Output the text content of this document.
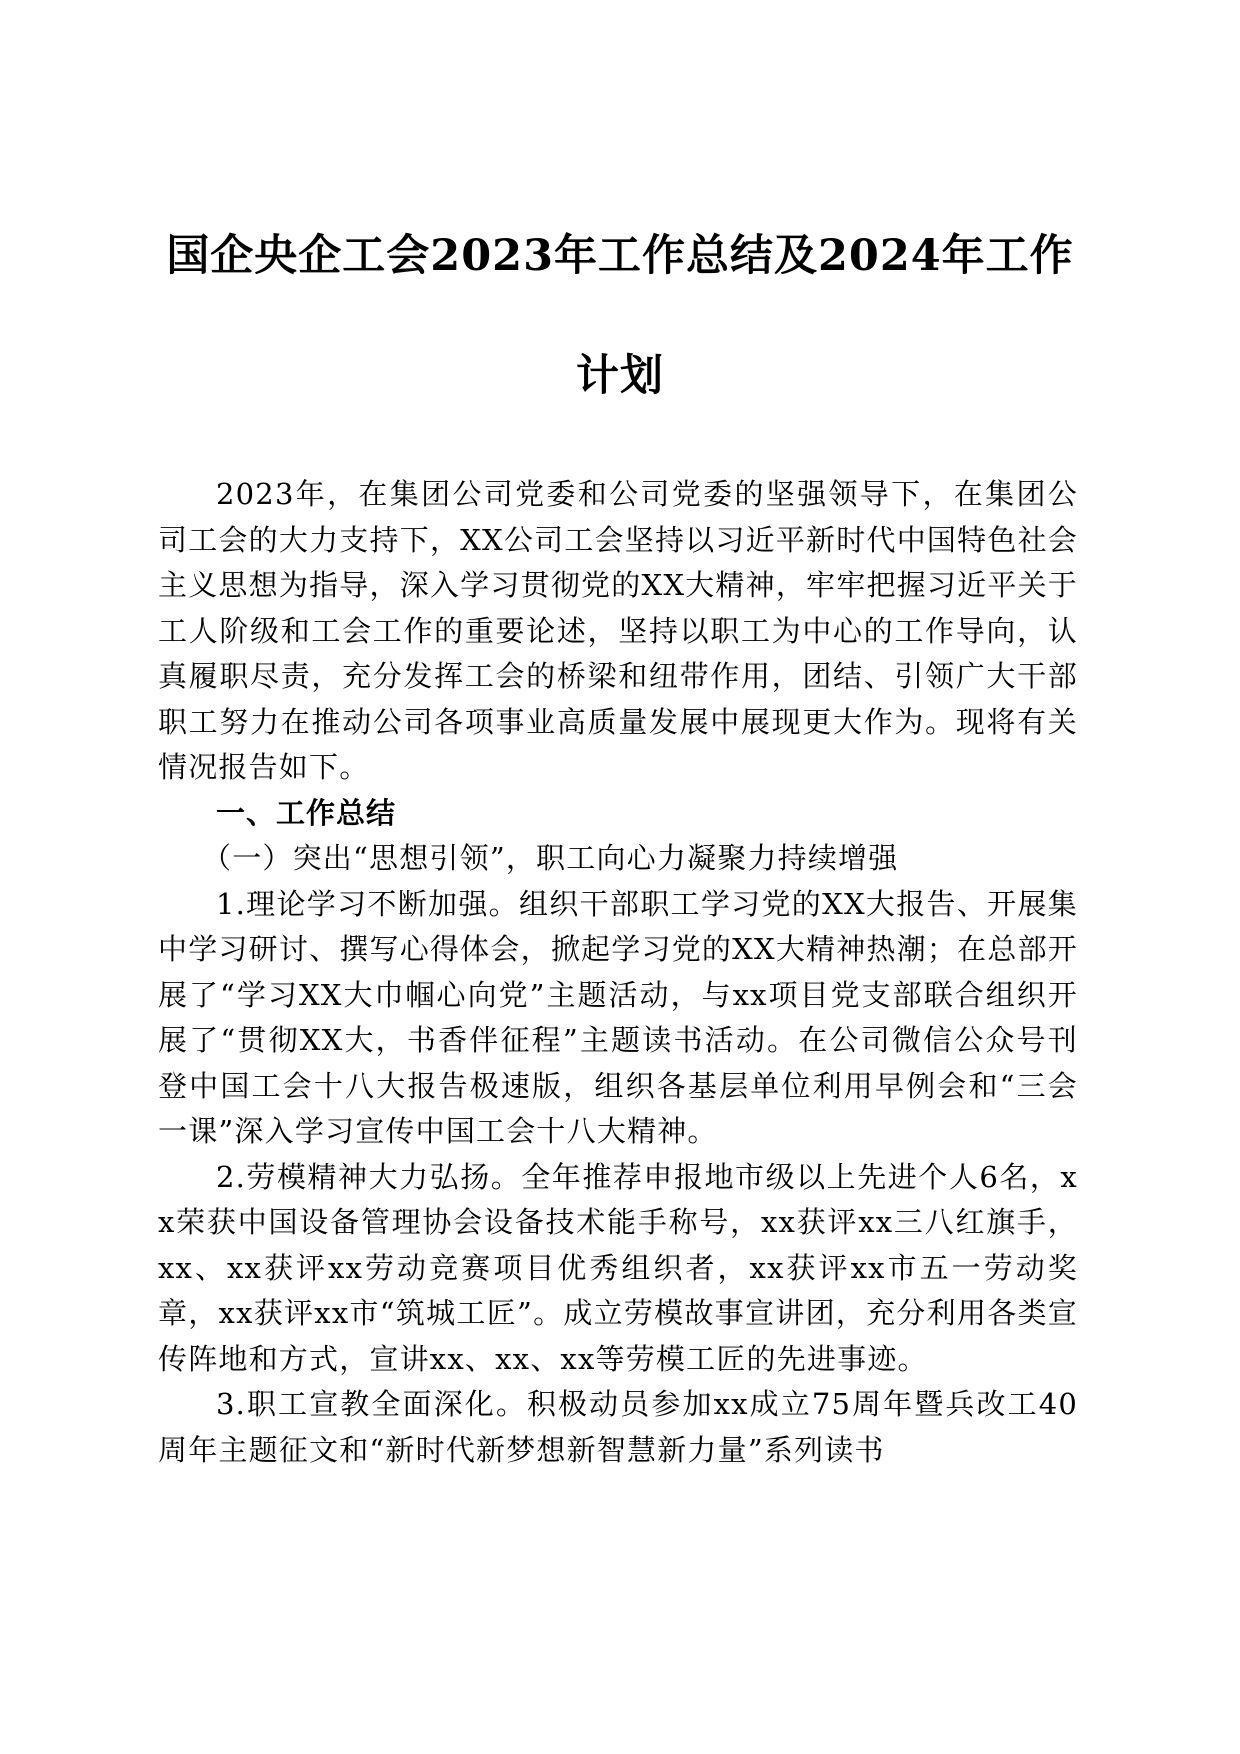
国企央企工会2023年工作总结及2024年工作
计划

2023年，在集团公司党委和公司党委的坚强领导下，在集团公司工会的大力支持下，XX公司工会坚持以习近平新时代中国特色社会主义思想为指导，深入学习贯彻党的XX大精神，牢牢把握习近平关于工人阶级和工会工作的重要论述，坚持以职工为中心的工作导向，认真履职尽责，充分发挥工会的桥梁和纽带作用，团结、引领广大干部职工努力在推动公司各项事业高质量发展中展现更大作为。现将有关情况报告如下。

一、工作总结

（一）突出“思想引领”，职工向心力凝聚力持续增强

1.理论学习不断加强。组织干部职工学习党的XX大报告、开展集中学习研讨、撰写心得体会，掀起学习党的XX大精神热潮；在总部开展了“学习XX大巾帼心向党”主题活动，与xx项目党支部联合组织开展了“贯彻XX大，书香伴征程”主题读书活动。在公司微信公众号刊登中国工会十八大报告极速版，组织各基层单位利用早例会和“三会一课”深入学习宣传中国工会十八大精神。

2.劳模精神大力弘扬。全年推荐申报地市级以上先进个人6名，xx荣获中国设备管理协会设备技术能手称号，xx获评xx三八红旗手，xx、xx获评xx劳动竞赛项目优秀组织者，xx获评xx市五一劳动奖章，xx获评xx市“筑城工匠”。成立劳模故事宣讲团，充分利用各类宣传阵地和方式，宣讲xx、xx、xx等劳模工匠的先进事迹。

3.职工宣教全面深化。积极动员参加xx成立75周年暨兵改工40周年主题征文和“新时代新梦想新智慧新力量”系列读书
